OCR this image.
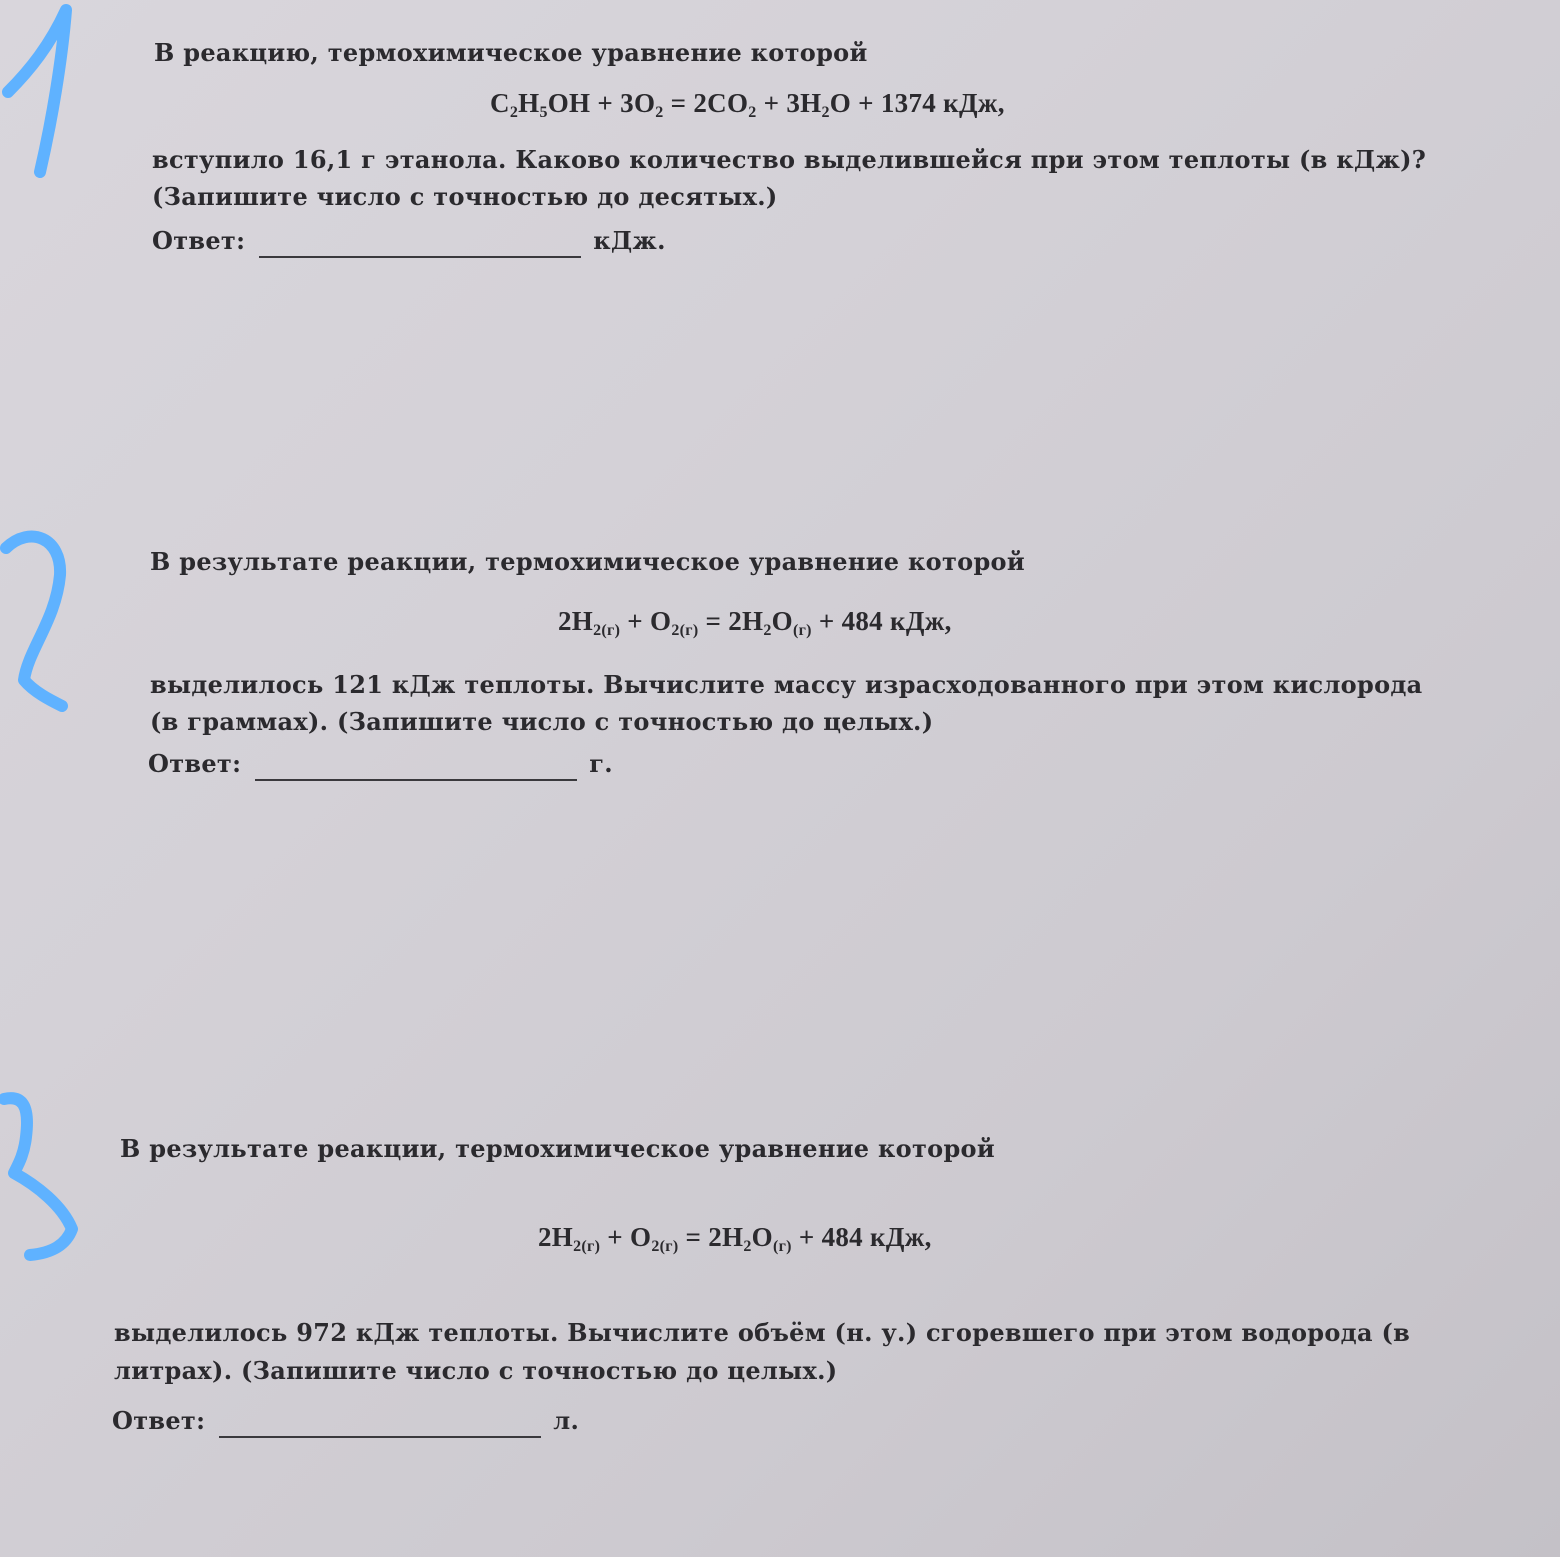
В реакцию, термохимическое уравнение которой
$C_2H_5OH + 3O_2 = 2CO_2 + 3H_2O + 1374$ кДж,
вступило 16,1 г этанола. Каково количество выделившейся при этом теплоты (в кДж)?
(Запишите число с точностью до десятых.)
Ответ:	кДж.
В результате реакции, термохимическое уравнение которой
$2H_{2(г)} + O_{2(г)} = 2H_2O_{(г)} + 484$ кДж,
выделилось 121 кДж теплоты. Вычислите массу израсходованного при этом кислорода
(в граммах). (Запишите число с точностью до целых.)
Ответ:	г.
В результате реакции, термохимическое уравнение которой
$2H_{2(г)} + O_{2(г)} = 2H_2O_{(г)} + 484$ кДж,
выделилось 972 кДж теплоты. Вычислите объём (н. у.) сгоревшего при этом водорода (в
литрах). (Запишите число с точностью до целых.)
Ответ:	л.
